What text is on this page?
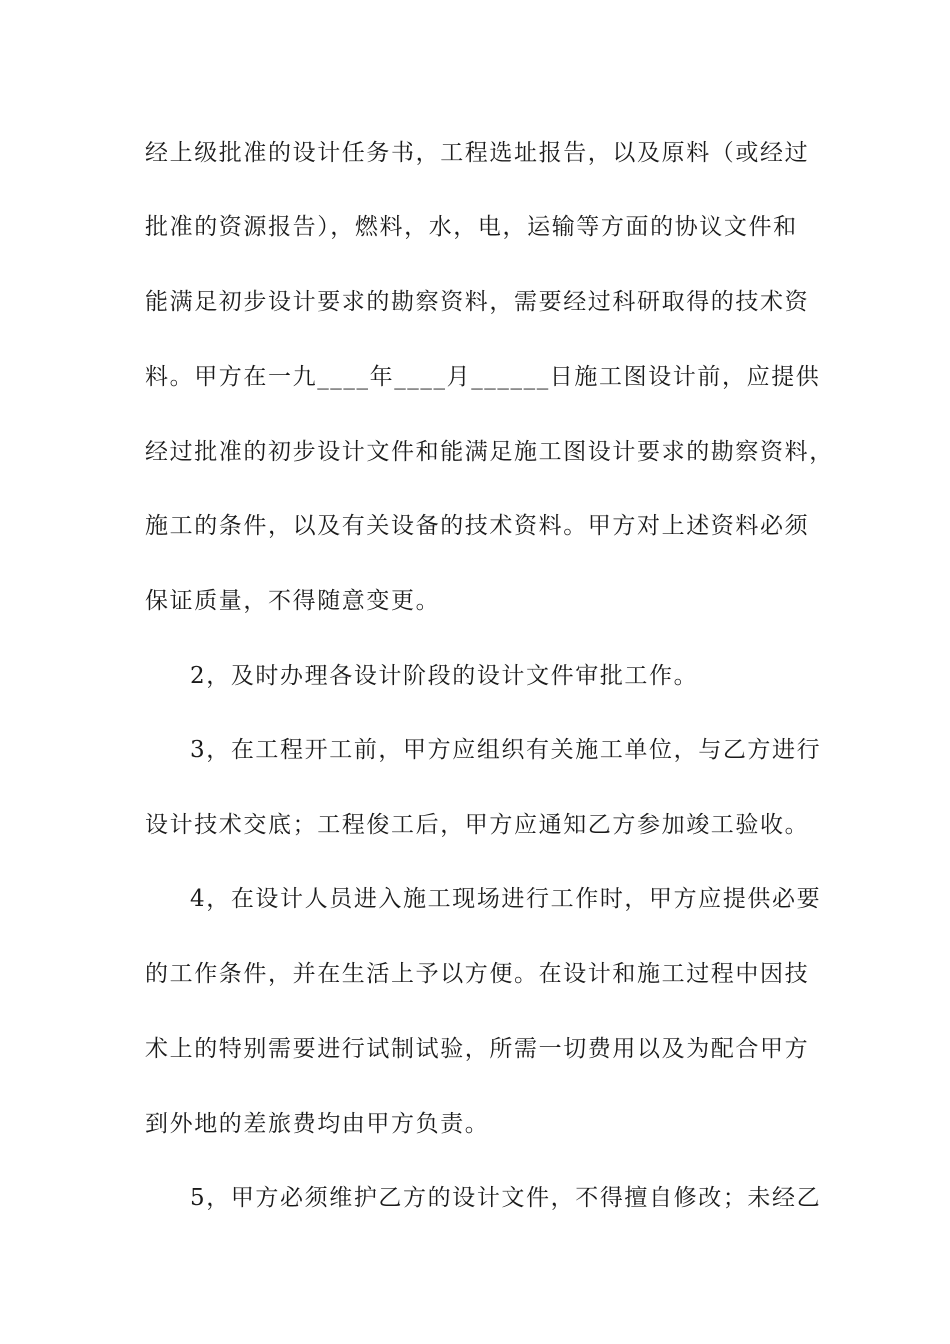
经上级批准的设计任务书，工程选址报告，以及原料（或经过
批准的资源报告），燃料，水，电，运输等方面的协议文件和
能满足初步设计要求的勘察资料，需要经过科研取得的技术资
料。甲方在一九____年____月______日施工图设计前，应提供
经过批准的初步设计文件和能满足施工图设计要求的勘察资料，
施工的条件，以及有关设备的技术资料。甲方对上述资料必须
保证质量，不得随意变更。
2，及时办理各设计阶段的设计文件审批工作。
3，在工程开工前，甲方应组织有关施工单位，与乙方进行
设计技术交底；工程俊工后，甲方应通知乙方参加竣工验收。
4，在设计人员进入施工现场进行工作时，甲方应提供必要
的工作条件，并在生活上予以方便。在设计和施工过程中因技
术上的特别需要进行试制试验，所需一切费用以及为配合甲方
到外地的差旅费均由甲方负责。
5，甲方必须维护乙方的设计文件，不得擅自修改；未经乙
